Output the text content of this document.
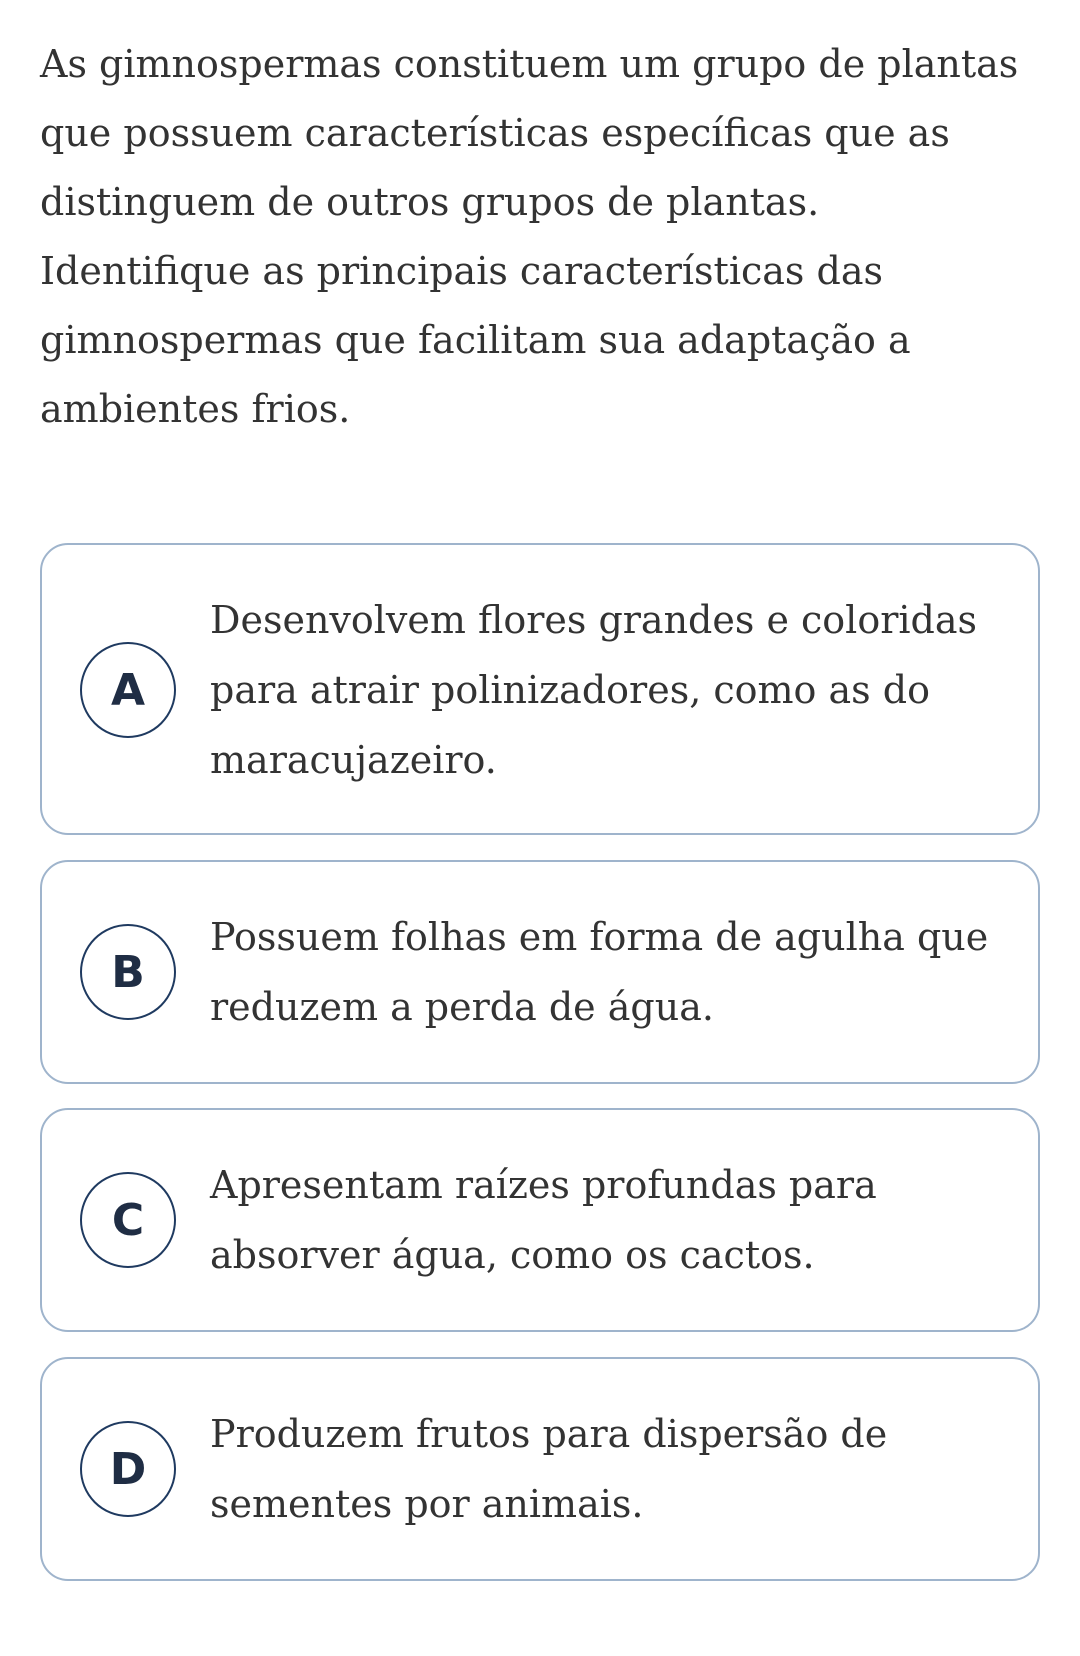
As gimnospermas constituem um grupo de plantas que possuem características específicas que as distinguem de outros grupos de plantas. Identifique as principais características das gimnospermas que facilitam sua adaptação a ambientes frios.

A
Desenvolvem flores grandes e coloridas para atrair polinizadores, como as do maracujazeiro.
B
Possuem folhas em forma de agulha que reduzem a perda de água.
C
Apresentam raízes profundas para absorver água, como os cactos.
D
Produzem frutos para dispersão de sementes por animais.
